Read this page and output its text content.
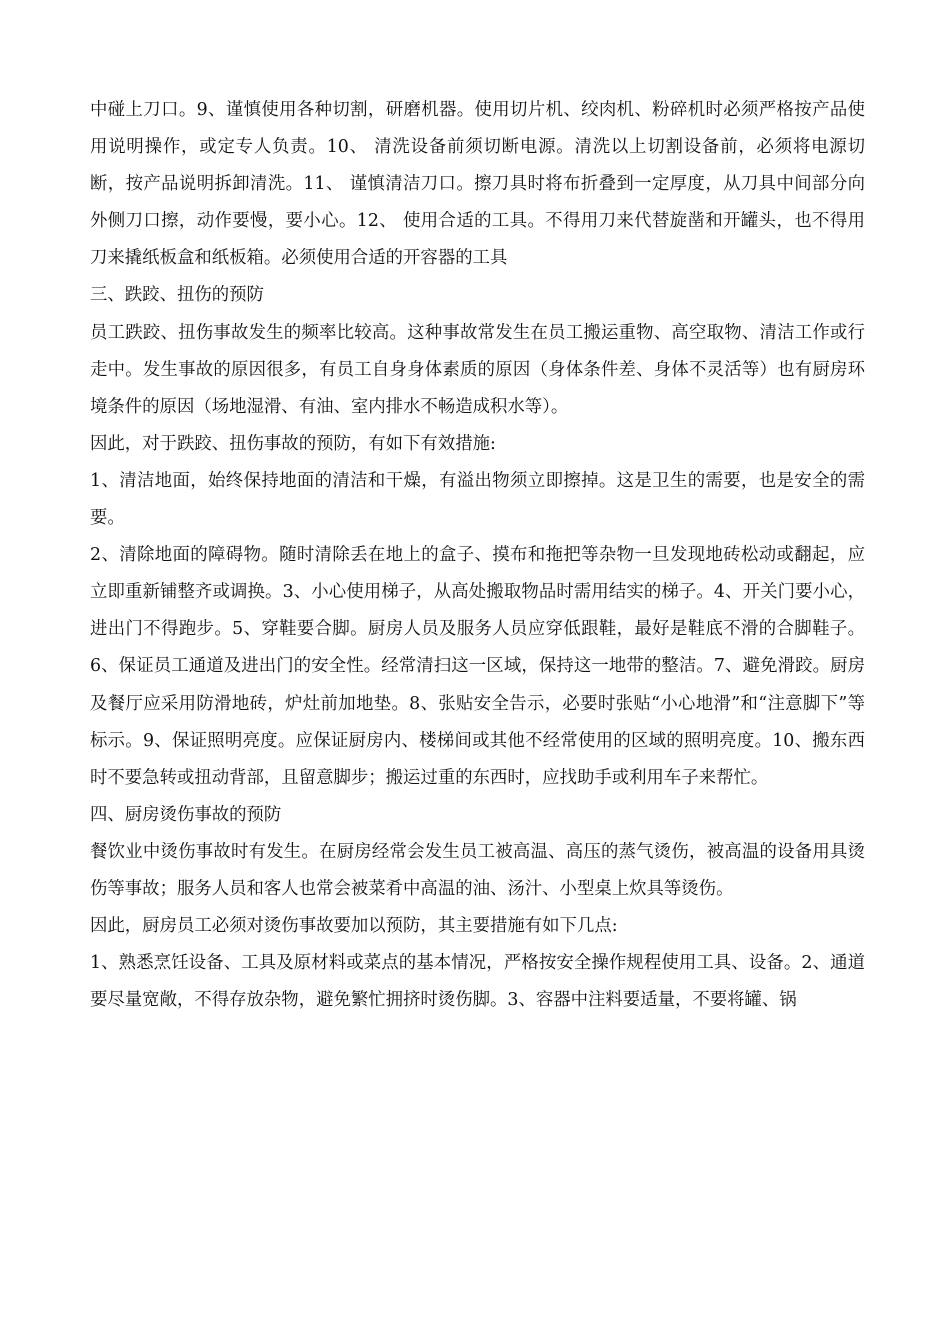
中碰上刀口。9、谨慎使用各种切割，研磨机器。使用切片机、绞肉机、粉碎机时必须严格按产品使用说明操作，或定专人负责。10、 清洗设备前须切断电源。清洗以上切割设备前，必须将电源切断，按产品说明拆卸清洗。11、 谨慎清洁刀口。擦刀具时将布折叠到一定厚度，从刀具中间部分向外侧刀口擦，动作要慢，要小心。12、 使用合适的工具。不得用刀来代替旋凿和开罐头，也不得用刀来撬纸板盒和纸板箱。必须使用合适的开容器的工具

三、跌跤、扭伤的预防

员工跌跤、扭伤事故发生的频率比较高。这种事故常发生在员工搬运重物、高空取物、清洁工作或行走中。发生事故的原因很多，有员工自身身体素质的原因（身体条件差、身体不灵活等）也有厨房环境条件的原因（场地湿滑、有油、室内排水不畅造成积水等）。

因此，对于跌跤、扭伤事故的预防，有如下有效措施:

1、清洁地面，始终保持地面的清洁和干燥，有溢出物须立即擦掉。这是卫生的需要，也是安全的需要。

2、清除地面的障碍物。随时清除丢在地上的盒子、摸布和拖把等杂物一旦发现地砖松动或翻起，应立即重新铺整齐或调换。3、小心使用梯子，从高处搬取物品时需用结实的梯子。4、开关门要小心，进出门不得跑步。5、穿鞋要合脚。厨房人员及服务人员应穿低跟鞋，最好是鞋底不滑的合脚鞋子。6、保证员工通道及进出门的安全性。经常清扫这一区域，保持这一地带的整洁。7、避免滑跤。厨房及餐厅应采用防滑地砖，炉灶前加地垫。8、张贴安全告示，必要时张贴“小心地滑”和“注意脚下”等标示。9、保证照明亮度。应保证厨房内、楼梯间或其他不经常使用的区域的照明亮度。10、搬东西时不要急转或扭动背部，且留意脚步；搬运过重的东西时，应找助手或利用车子来帮忙。

四、厨房烫伤事故的预防

餐饮业中烫伤事故时有发生。在厨房经常会发生员工被高温、高压的蒸气烫伤，被高温的设备用具烫伤等事故；服务人员和客人也常会被菜肴中高温的油、汤汁、小型桌上炊具等烫伤。

因此，厨房员工必须对烫伤事故要加以预防，其主要措施有如下几点:

1、熟悉烹饪设备、工具及原材料或菜点的基本情况，严格按安全操作规程使用工具、设备。2、通道要尽量宽敞，不得存放杂物，避免繁忙拥挤时烫伤脚。3、容器中注料要适量，不要将罐、锅
